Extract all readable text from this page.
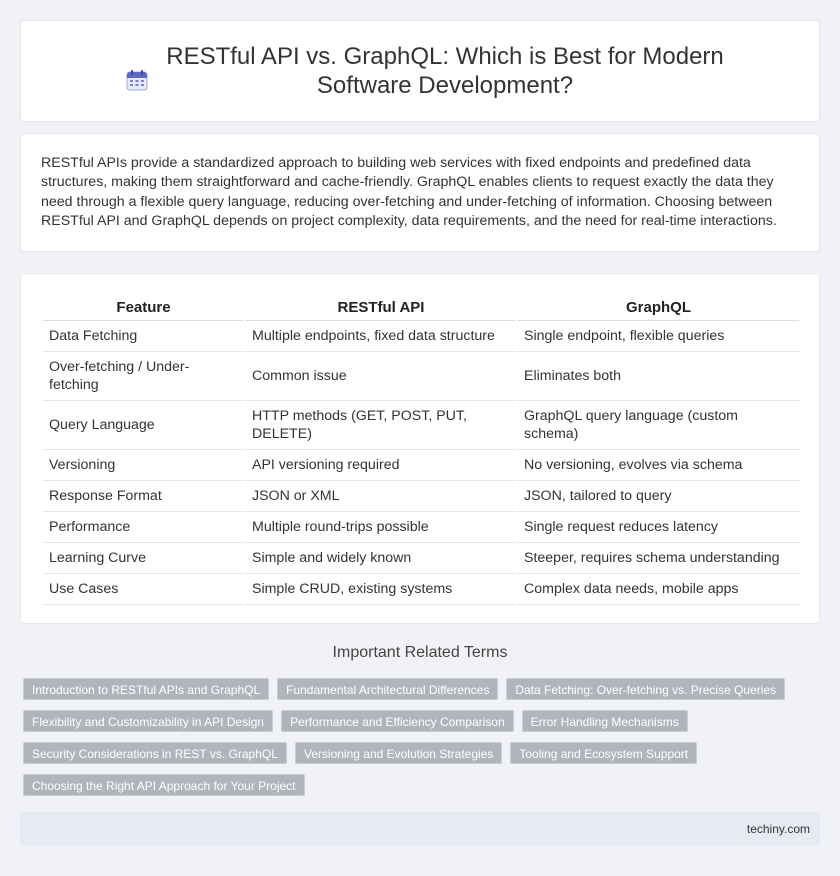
RESTful API vs. GraphQL: Which is Best for Modern Software Development?

RESTful APIs provide a standardized approach to building web services with fixed endpoints and predefined data structures, making them straightforward and cache-friendly. GraphQL enables clients to request exactly the data they need through a flexible query language, reducing over-fetching and under-fetching of information. Choosing between RESTful API and GraphQL depends on project complexity, data requirements, and the need for real-time interactions.

Feature	RESTful API	GraphQL
Data Fetching	Multiple endpoints, fixed data structure	Single endpoint, flexible queries
Over-fetching / Under-fetching	Common issue	Eliminates both
Query Language	HTTP methods (GET, POST, PUT, DELETE)	GraphQL query language (custom schema)
Versioning	API versioning required	No versioning, evolves via schema
Response Format	JSON or XML	JSON, tailored to query
Performance	Multiple round-trips possible	Single request reduces latency
Learning Curve	Simple and widely known	Steeper, requires schema understanding
Use Cases	Simple CRUD, existing systems	Complex data needs, mobile apps
Important Related Terms
Introduction to RESTful APIs and GraphQL	Fundamental Architectural Differences	Data Fetching: Over-fetching vs. Precise Queries
Flexibility and Customizability in API Design	Performance and Efficiency Comparison	Error Handling Mechanisms
Security Considerations in REST vs. GraphQL	Versioning and Evolution Strategies	Tooling and Ecosystem Support
Choosing the Right API Approach for Your Project
techiny.com
